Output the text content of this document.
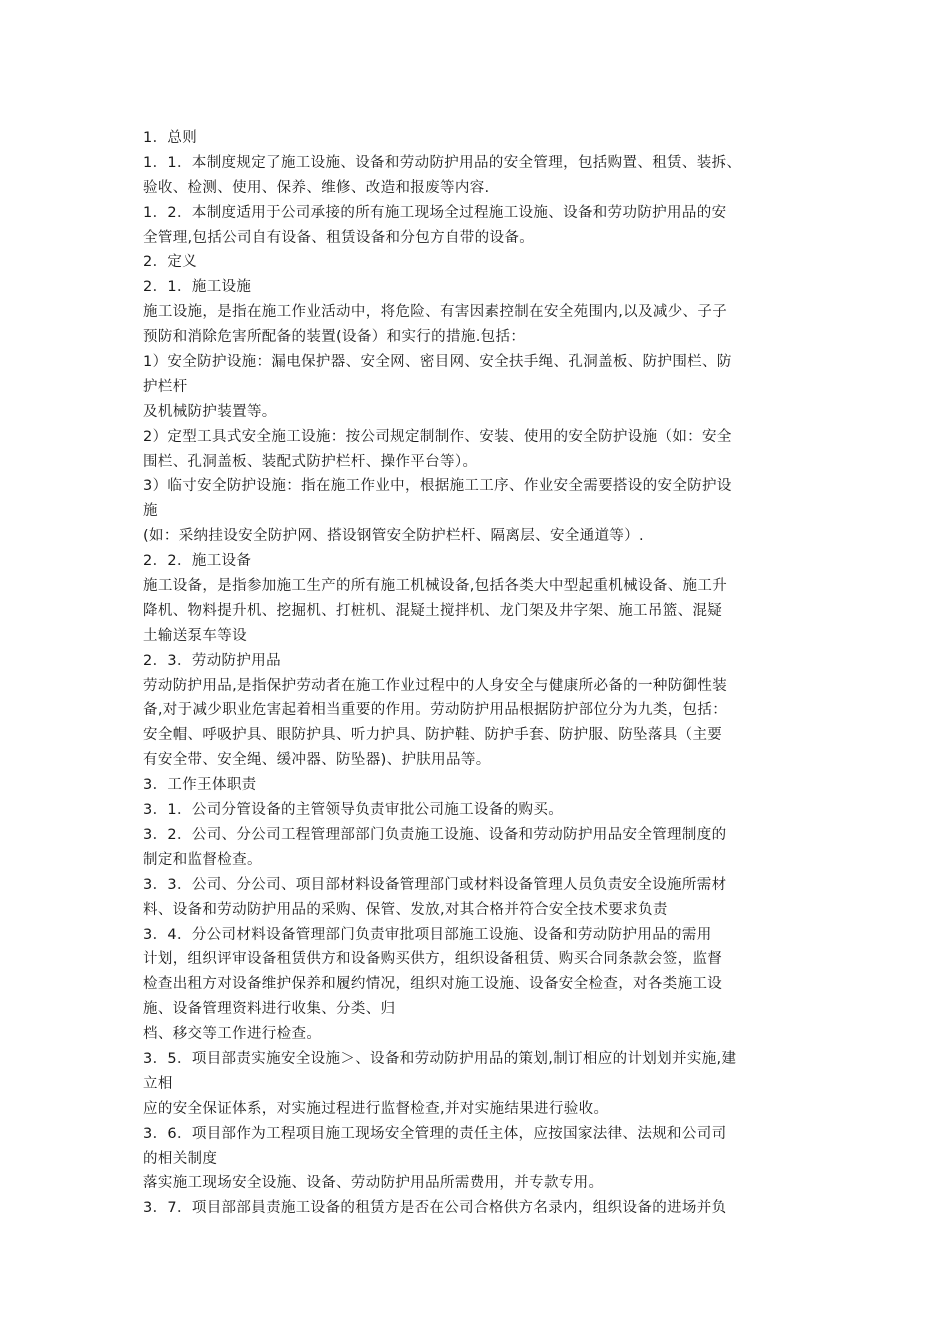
1．总则
1．1．本制度规定了施工设施、设备和劳动防护用品的安全管理，包括购置、租赁、装拆、
验收、检测、使用、保养、维修、改造和报废等内容.
1．2．本制度适用于公司承接的所有施工现场全过程施工设施、设备和劳功防护用品的安
全管理,包括公司自有设备、租赁设备和分包方自带的设备。
2．定义
2．1．施工设施
施工设施，是指在施工作业活动中，将危险、有害因素控制在安全苑围内,以及减少、子子
预防和消除危害所配备的装置(设备）和实行的措施.包括：
1）安全防护设施：漏电保护器、安全网、密目网、安全扶手绳、孔洞盖板、防护围栏、防
护栏杆
及机械防护装置等。
2）定型工具式安全施工设施：按公司规定制制作、安装、使用的安全防护设施（如：安全
围栏、孔洞盖板、装配式防护栏杆、操作平台等）。
3）临寸安全防护设施：指在施工作业中，根据施工工序、作业安全需要搭设的安全防护设
施
(如：采纳挂设安全防护网、搭设钢管安全防护栏杆、隔离层、安全通道等）.
2．2．施工设备
施工设备，是指参加施工生产的所有施工机械设备,包括各类大中型起重机械设备、施工升
降机、物料提升机、挖掘机、打桩机、混疑土搅拌机、龙门架及井字架、施工吊篮、混疑
土输送泵车等设
2．3．劳动防护用品
劳动防护用品,是指保护劳动者在施工作业过程中的人身安全与健康所必备的一种防御性装
备,对于减少职业危害起着相当重要的作用。劳动防护用品根据防护部位分为九类，包括：
安全帽、呼吸护具、眼防护具、听力护具、防护鞋、防护手套、防护服、防坠落具（主要
有安全带、安全绳、缓冲器、防坠器)、护肤用品等。
3．工作王体职责
3．1．公司分管设备的主管领导负责审批公司施工设备的购买。
3．2．公司、分公司工程管理部部门负责施工设施、设备和劳动防护用品安全管理制度的
制定和监督检查。
3．3．公司、分公司、项目部材料设备管理部门或材料设备管理人员负责安全设施所需材
料、设备和劳动防护用品的采购、保管、发放,对其合格并符合安全技术要求负责
3．4．分公司材料设备管理部门负责审批项目部施工设施、设备和劳动防护用品的需用
计划，组织评审设备租赁供方和设备购买供方，组织设备租赁、购买合同条款会签，监督
检查出租方对设备维护保养和履约情况，组织对施工设施、设备安全检查，对各类施工设
施、设备管理资料进行收集、分类、归
档、移交等工作进行检查。
3．5．项目部责实施安全设施＞、设备和劳动防护用品的策划,制订相应的计划划并实施,建
立相
应的安全保证体系，对实施过程进行监督检查,并对实施结果进行验收。
3．6．项目部作为工程项目施工现场安全管理的责任主体，应按国家法律、法规和公司司
的相关制度
落实施工现场安全设施、设备、劳动防护用品所需费用，并专款专用。
3．7．项目部部員责施工设备的租赁方是否在公司合格供方名录内，组织设备的进场并负
